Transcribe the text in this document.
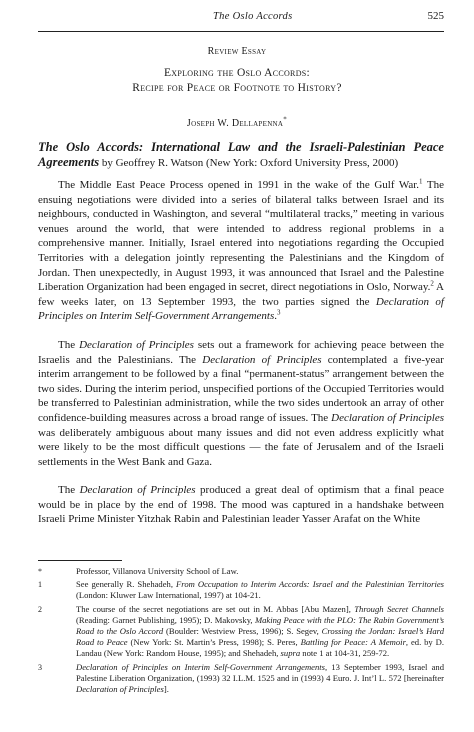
The Oslo Accords	525
Review Essay
Exploring the Oslo Accords:
Recipe for Peace or Footnote to History?
Joseph W. Dellapenna*
The Oslo Accords: International Law and the Israeli-Palestinian Peace Agreements by Geoffrey R. Watson (New York: Oxford University Press, 2000)

The Middle East Peace Process opened in 1991 in the wake of the Gulf War.$^1$ The ensuing negotiations were divided into a series of bilateral talks between Israel and its neighbours, conducted in Washington, and several “multilateral tracks,” meeting in various venues around the world, that were intended to address regional problems in a comprehensive manner. Initially, Israel entered into negotiations regarding the Occupied Territories with a delegation jointly representing the Palestinians and the Kingdom of Jordan. Then unexpectedly, in August 1993, it was announced that Israel and the Palestine Liberation Organization had been engaged in secret, direct negotiations in Oslo, Norway.$^2$ A few weeks later, on 13 September 1993, the two parties signed the Declaration of Principles on Interim Self-Government Arrangements.$^3$

The Declaration of Principles sets out a framework for achieving peace between the Israelis and the Palestinians. The Declaration of Principles contemplated a five-year interim arrangement to be followed by a final “permanent-status” arrangement between the two sides. During the interim period, unspecified portions of the Occupied Territories would be transferred to Palestinian administration, while the two sides undertook an array of other confidence-building measures across a broad range of issues. The Declaration of Principles was deliberately ambiguous about many issues and did not even address explicitly what were likely to be the most difficult questions — the fate of Jerusalem and of the Israeli settlements in the West Bank and Gaza.

The Declaration of Principles produced a great deal of optimism that a final peace would be in place by the end of 1998. The mood was captured in a handshake between Israeli Prime Minister Yitzhak Rabin and Palestinian leader Yasser Arafat on the White

*	Professor, Villanova University School of Law.
1	See generally R. Shehadeh, From Occupation to Interim Accords: Israel and the Palestinian Territories (London: Kluwer Law International, 1997) at 104-21.
2	The course of the secret negotiations are set out in M. Abbas [Abu Mazen], Through Secret Channels (Reading: Garnet Publishing, 1995); D. Makovsky, Making Peace with the PLO: The Rabin Government’s Road to the Oslo Accord (Boulder: Westview Press, 1996); S. Segev, Crossing the Jordan: Israel’s Hard Road to Peace (New York: St. Martin’s Press, 1998); S. Peres, Battling for Peace: A Memoir, ed. by D. Landau (New York: Random House, 1995); and Shehadeh, supra note 1 at 104-31, 259-72.
3	Declaration of Principles on Interim Self-Government Arrangements, 13 September 1993, Israel and Palestine Liberation Organization, (1993) 32 I.L.M. 1525 and in (1993) 4 Euro. J. Int’l L. 572 [hereinafter Declaration of Principles].
